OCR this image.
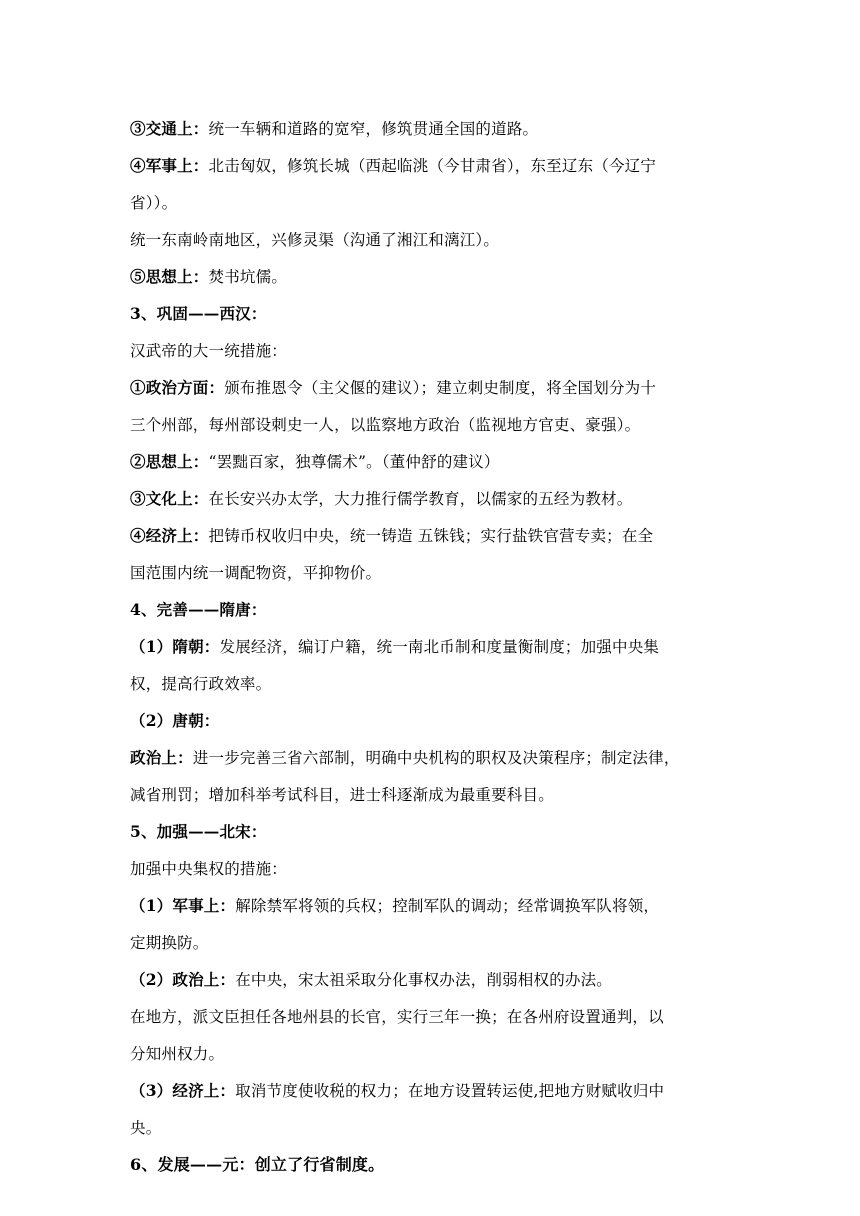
③交通上：统一车辆和道路的宽窄，修筑贯通全国的道路。
④军事上：北击匈奴，修筑长城（西起临洮（今甘肃省），东至辽东（今辽宁
省））。
统一东南岭南地区，兴修灵渠（沟通了湘江和漓江）。
⑤思想上：焚书坑儒。
3、巩固——西汉：
汉武帝的大一统措施：
①政治方面：颁布推恩令（主父偃的建议）；建立刺史制度，将全国划分为十
三个州部，每州部设刺史一人，以监察地方政治（监视地方官吏、豪强）。
②思想上：“罢黜百家，独尊儒术”。（董仲舒的建议）
③文化上：在长安兴办太学，大力推行儒学教育，以儒家的五经为教材。
④经济上：把铸币权收归中央，统一铸造 五铢钱；实行盐铁官营专卖；在全
国范围内统一调配物资，平抑物价。
4、完善——隋唐：
（1）隋朝：发展经济，编订户籍，统一南北币制和度量衡制度；加强中央集
权，提高行政效率。
（2）唐朝：
政治上：进一步完善三省六部制，明确中央机构的职权及决策程序；制定法律，
减省刑罚；增加科举考试科目，进士科逐渐成为最重要科目。
5、加强——北宋：
加强中央集权的措施：
（1）军事上：解除禁军将领的兵权；控制军队的调动；经常调换军队将领，
定期换防。
（2）政治上：在中央，宋太祖采取分化事权办法，削弱相权的办法。
在地方，派文臣担任各地州县的长官，实行三年一换；在各州府设置通判，以
分知州权力。
（3）经济上：取消节度使收税的权力；在地方设置转运使,把地方财赋收归中
央。
6、发展——元：创立了行省制度。
